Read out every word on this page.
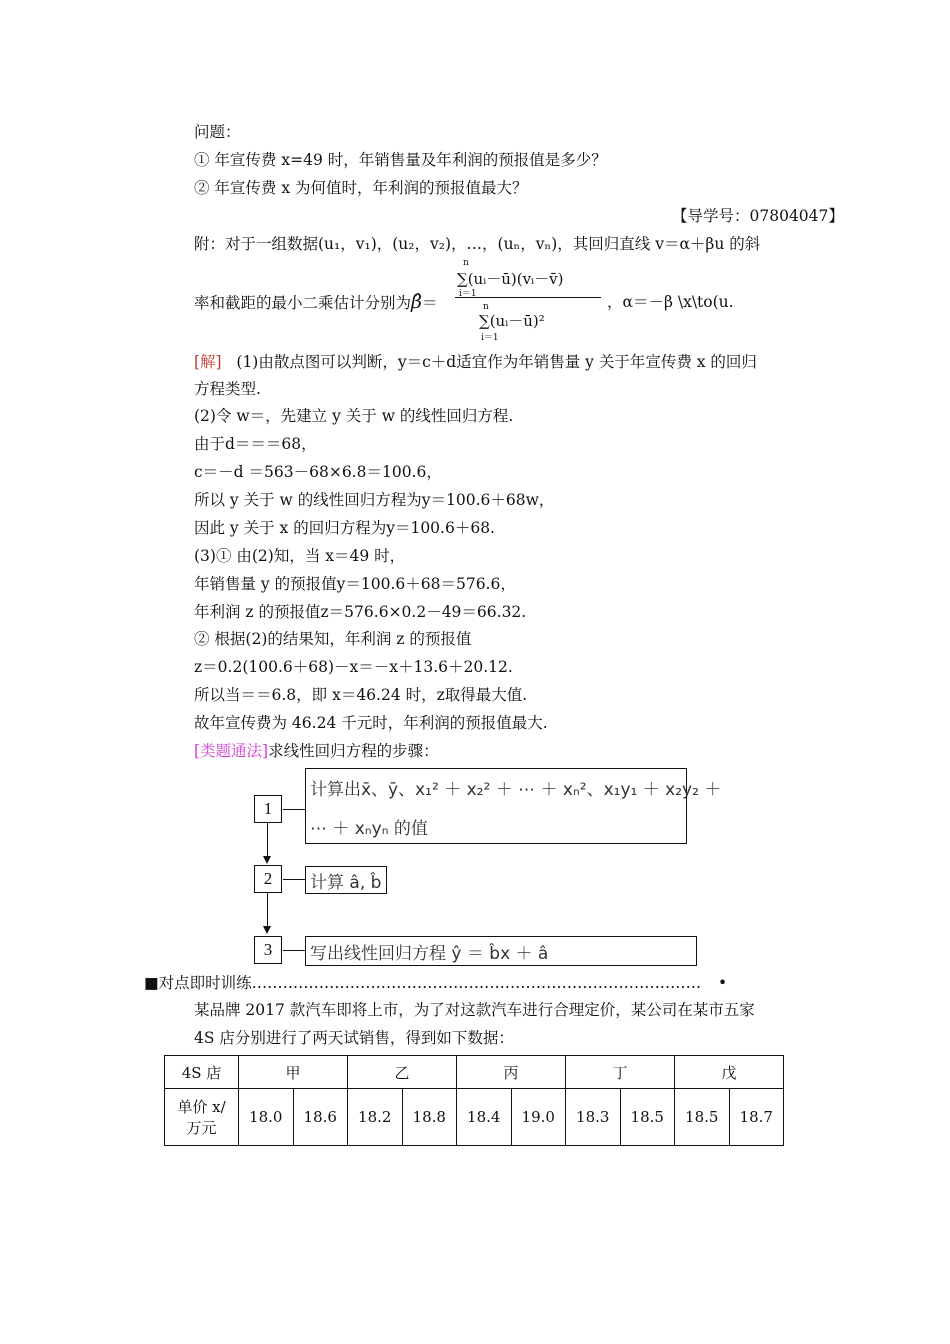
问题：
① 年宣传费 x=49 时，年销售量及年利润的预报值是多少？
② 年宣传费 x 为何值时，年利润的预报值最大？
【导学号：07804047】
附：对于一组数据(u₁，v₁)，(u₂，v₂)，…，(uₙ，vₙ)，其回归直线 v＝α＋βu 的斜
率和截距的最小二乘估计分别为β̂＝
n
i＝1
∑(uᵢ－ū)(vᵢ－v̄)
n
i＝1
∑(uᵢ－ū)²
，α＝－β \x\to(u.
[解] (1)由散点图可以判断，y＝c＋d适宜作为年销售量 y 关于年宣传费 x 的回归
方程类型.
(2)令 w＝，先建立 y 关于 w 的线性回归方程.
由于d＝＝＝68，
c＝－d ＝563－68×6.8＝100.6，
所以 y 关于 w 的线性回归方程为y＝100.6＋68w，
因此 y 关于 x 的回归方程为y＝100.6＋68.
(3)① 由(2)知，当 x＝49 时，
年销售量 y 的预报值y＝100.6＋68＝576.6，
年利润 z 的预报值z＝576.6×0.2－49＝66.32.
② 根据(2)的结果知，年利润 z 的预报值
z＝0.2(100.6＋68)－x＝－x＋13.6＋20.12.
所以当＝＝6.8，即 x＝46.24 时，z取得最大值.
故年宣传费为 46.24 千元时，年利润的预报值最大.
[类题通法]求线性回归方程的步骤：
1
计算出x̄、ȳ、x₁² ＋ x₂² ＋ ⋯ ＋ xₙ²、x₁y₁ ＋ x₂y₂ ＋
⋯ ＋ xₙyₙ 的值
2	计算 â, b̂
3	写出线性回归方程 ŷ ＝ b̂x ＋ â
■对点即时训练……………………………………………………………………………	•
某品牌 2017 款汽车即将上市，为了对这款汽车进行合理定价，某公司在某市五家
4S 店分别进行了两天试销售，得到如下数据：
4S 店	甲		乙		丙		丁		戊	

单价 x/
万元	18.0	18.6	18.2	18.8	18.4	19.0	18.3	18.5	18.5	18.7
